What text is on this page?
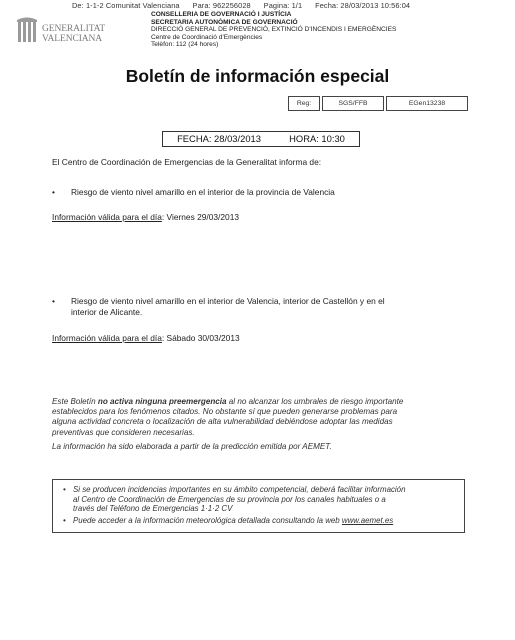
De: 1-1-2 Comunitat Valenciana      Para: 962256028      Pagina: 1/1      Fecha: 28/03/2013 10:56:04
GENERALITAT
VALENCIANA
CONSELLERIA DE GOVERNACIÓ I JUSTÍCIA
SECRETARIA AUTONÒMICA DE GOVERNACIÓ
DIRECCIÓ GENERAL DE PREVENCIÓ, EXTINCIÓ D'INCENDIS I EMERGÈNCIES
Centre de Coordinació d'Emergències
Telèfon: 112 (24 hores)
Boletín de información especial
Reg:	SGS/FFB	EGen13238
FECHA: 28/03/2013	HORA: 10:30
El Centro de Coordinación de Emergencias de la Generalitat informa de:
• Riesgo de viento nivel amarillo en el interior de la provincia de Valencia
Información válida para el día: Viernes 29/03/2013
• Riesgo de viento nivel amarillo en el interior de Valencia, interior de Castellón y en el
interior de Alicante.
Información válida para el día: Sábado 30/03/2013
Este Boletín no activa ninguna preemergencia al no alcanzar los umbrales de riesgo importante
establecidos para los fenómenos citados. No obstante sí que pueden generarse problemas para
alguna actividad concreta o localización de alta vulnerabilidad debiéndose adoptar las medidas
preventivas que consideren necesarias.
La información ha sido elaborada a partir de la predicción emitida por AEMET.
• Si se producen incidencias importantes en su ámbito competencial, deberá facilitar información
al Centro de Coordinación de Emergencias de su provincia por los canales habituales o a
través del Teléfono de Emergencias 1·1·2 CV
• Puede acceder a la información meteorológica detallada consultando la web www.aemet.es
